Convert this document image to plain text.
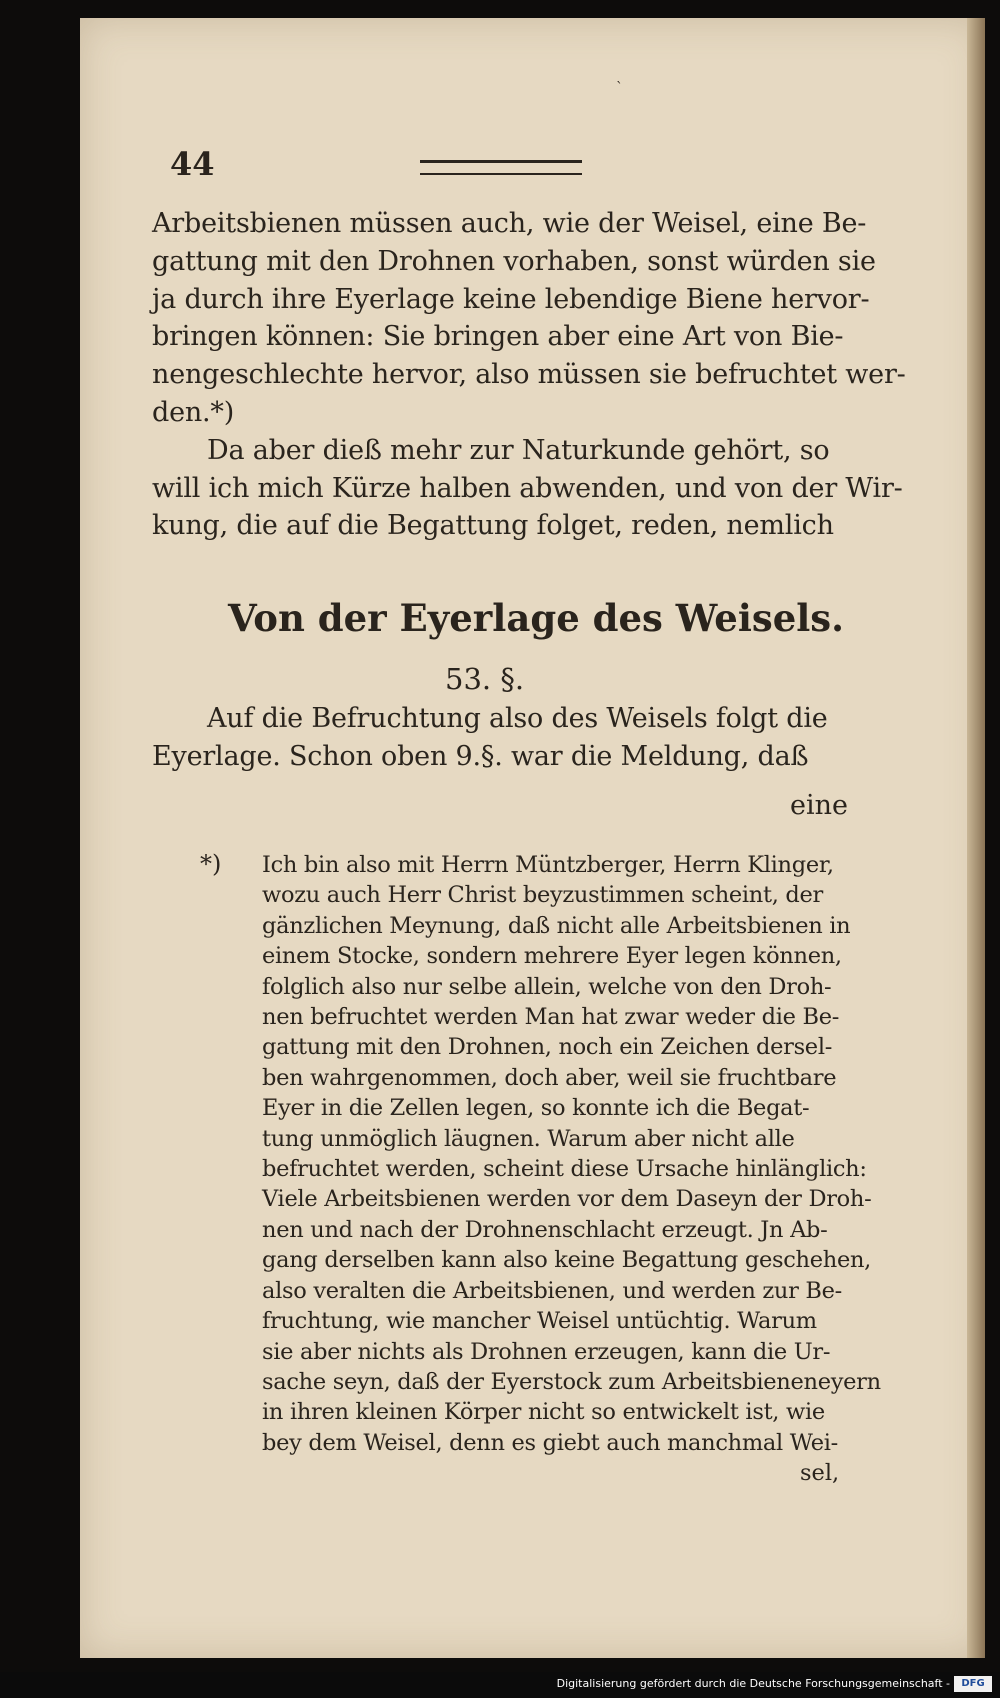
`
44
Arbeitsbienen müssen auch, wie der Weisel, eine Be-
gattung mit den Drohnen vorhaben, sonst würden sie
ja durch ihre Eyerlage keine lebendige Biene hervor-
bringen können: Sie bringen aber eine Art von Bie-
nengeschlechte hervor, also müssen sie befruchtet wer-
den.*)
Da aber dieß mehr zur Naturkunde gehört, so
will ich mich Kürze halben abwenden, und von der Wir-
kung, die auf die Begattung folget, reden, nemlich
Von der Eyerlage des Weisels.
53. §.
Auf die Befruchtung also des Weisels folgt die
Eyerlage. Schon oben 9.§. war die Meldung, daß
eine
*) Ich bin also mit Herrn Müntzberger, Herrn Klinger,
wozu auch Herr Christ beyzustimmen scheint, der
gänzlichen Meynung, daß nicht alle Arbeitsbienen in
einem Stocke, sondern mehrere Eyer legen können,
folglich also nur selbe allein, welche von den Droh-
nen befruchtet werden Man hat zwar weder die Be-
gattung mit den Drohnen, noch ein Zeichen dersel-
ben wahrgenommen, doch aber, weil sie fruchtbare
Eyer in die Zellen legen, so konnte ich die Begat-
tung unmöglich läugnen. Warum aber nicht alle
befruchtet werden, scheint diese Ursache hinlänglich:
Viele Arbeitsbienen werden vor dem Daseyn der Droh-
nen und nach der Drohnenschlacht erzeugt. Jn Ab-
gang derselben kann also keine Begattung geschehen,
also veralten die Arbeitsbienen, und werden zur Be-
fruchtung, wie mancher Weisel untüchtig. Warum
sie aber nichts als Drohnen erzeugen, kann die Ur-
sache seyn, daß der Eyerstock zum Arbeitsbieneneyern
in ihren kleinen Körper nicht so entwickelt ist, wie
bey dem Weisel, denn es giebt auch manchmal Wei-
sel,
Digitalisierung gefördert durch die Deutsche Forschungsgemeinschaft -	DFG
